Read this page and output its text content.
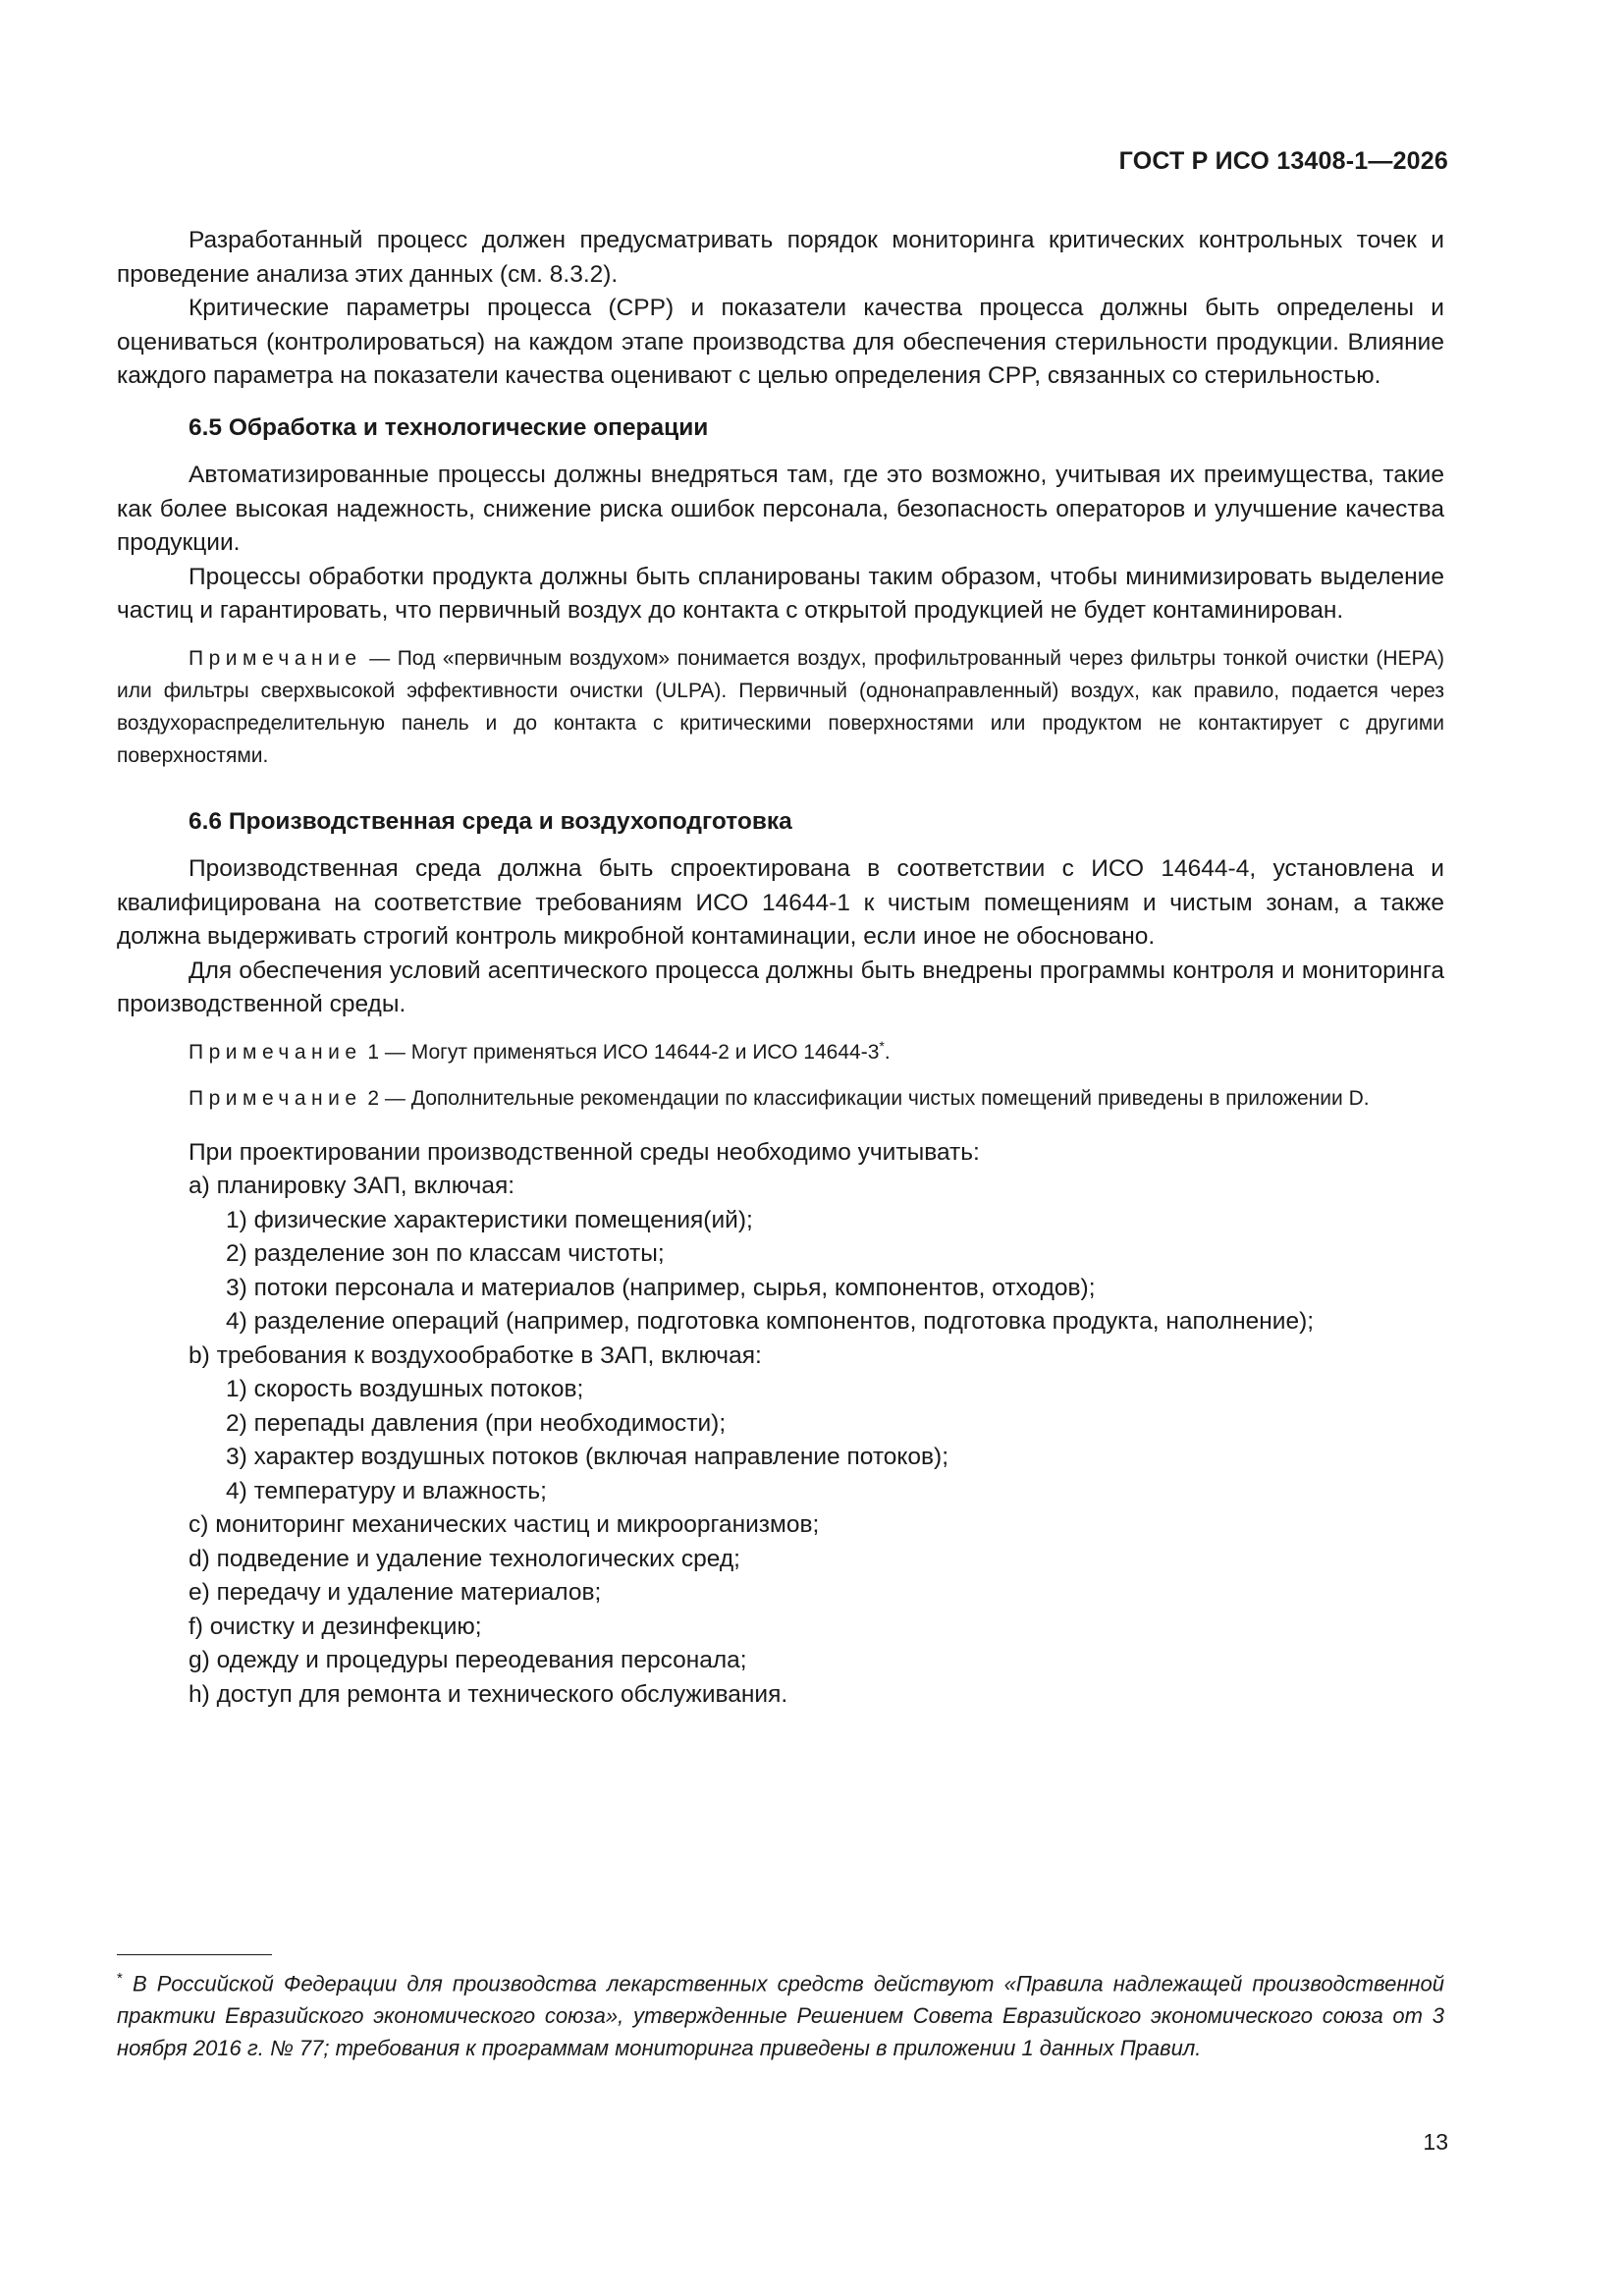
ГОСТ Р ИСО 13408-1—2026

Разработанный процесс должен предусматривать порядок мониторинга критических контрольных точек и проведение анализа этих данных (см. 8.3.2).

Критические параметры процесса (CPP) и показатели качества процесса должны быть определены и оцениваться (контролироваться) на каждом этапе производства для обеспечения стерильности продукции. Влияние каждого параметра на показатели качества оценивают с целью определения CPP, связанных со стерильностью.

6.5 Обработка и технологические операции

Автоматизированные процессы должны внедряться там, где это возможно, учитывая их преимущества, такие как более высокая надежность, снижение риска ошибок персонала, безопасность операторов и улучшение качества продукции.

Процессы обработки продукта должны быть спланированы таким образом, чтобы минимизировать выделение частиц и гарантировать, что первичный воздух до контакта с открытой продукцией не будет контаминирован.

Примечание — Под «первичным воздухом» понимается воздух, профильтрованный через фильтры тонкой очистки (HEPA) или фильтры сверхвысокой эффективности очистки (ULPA). Первичный (однонаправленный) воздух, как правило, подается через воздухораспределительную панель и до контакта с критическими поверхностями или продуктом не контактирует с другими поверхностями.

6.6 Производственная среда и воздухоподготовка

Производственная среда должна быть спроектирована в соответствии с ИСО 14644-4, установлена и квалифицирована на соответствие требованиям ИСО 14644-1 к чистым помещениям и чистым зонам, а также должна выдерживать строгий контроль микробной контаминации, если иное не обосновано.

Для обеспечения условий асептического процесса должны быть внедрены программы контроля и мониторинга производственной среды.

Примечание 1 — Могут применяться ИСО 14644-2 и ИСО 14644-3*.

Примечание 2 — Дополнительные рекомендации по классификации чистых помещений приведены в приложении D.

При проектировании производственной среды необходимо учитывать:

а) планировку ЗАП, включая:
1) физические характеристики помещения(ий);
2) разделение зон по классам чистоты;
3) потоки персонала и материалов (например, сырья, компонентов, отходов);

4) разделение операций (например, подготовка компонентов, подготовка продукта, наполнение);

b) требования к воздухообработке в ЗАП, включая:
1) скорость воздушных потоков;
2) перепады давления (при необходимости);
3) характер воздушных потоков (включая направление потоков);
4) температуру и влажность;
c) мониторинг механических частиц и микроорганизмов;
d) подведение и удаление технологических сред;
e) передачу и удаление материалов;
f) очистку и дезинфекцию;
g) одежду и процедуры переодевания персонала;
h) доступ для ремонта и технического обслуживания.
* В Российской Федерации для производства лекарственных средств действуют «Правила надлежащей производственной практики Евразийского экономического союза», утвержденные Решением Совета Евразийского экономического союза от 3 ноября 2016 г. № 77; требования к программам мониторинга приведены в приложении 1 данных Правил.
13
